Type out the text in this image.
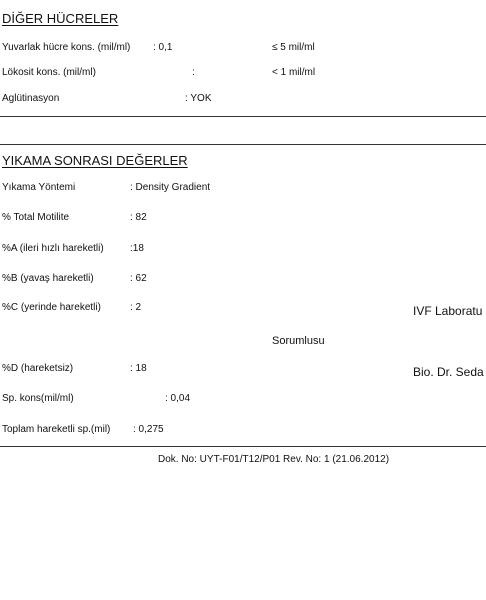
DİĞER HÜCRELER
Yuvarlak hücre kons. (mil/ml) : 0,1	≤ 5 mil/ml
Lökosit kons. (mil/ml)	:	< 1 mil/ml
Aglütinasyon	: YOK
YIKAMA SONRASI DEĞERLER
Yıkama Yöntemi	: Density Gradient
% Total Motilite	: 82
%A (ileri hızlı hareketli)	:18
%B (yavaş hareketli)	: 62
%C (yerinde hareketli)	: 2	IVF Laboratu
Sorumlusu
%D (hareketsiz)	: 18	Bio. Dr. Seda
Sp. kons(mil/ml)	: 0,04
Toplam hareketli sp.(mil) : 0,275
Dok. No: UYT-F01/T12/P01 Rev. No: 1 (21.06.2012)
